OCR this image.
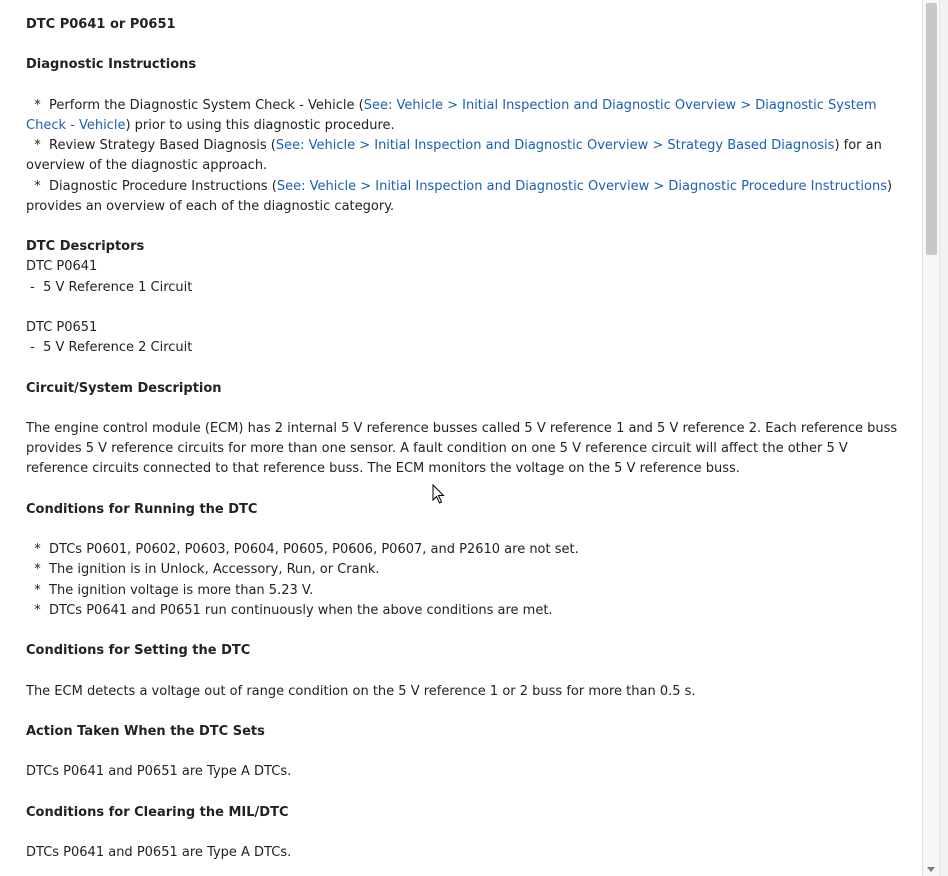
DTC P0641 or P0651
Diagnostic Instructions
* Perform the Diagnostic System Check - Vehicle (See: Vehicle > Initial Inspection and Diagnostic Overview > Diagnostic System Check - Vehicle) prior to using this diagnostic procedure.
* Review Strategy Based Diagnosis (See: Vehicle > Initial Inspection and Diagnostic Overview > Strategy Based Diagnosis) for an overview of the diagnostic approach.
* Diagnostic Procedure Instructions (See: Vehicle > Initial Inspection and Diagnostic Overview > Diagnostic Procedure Instructions) provides an overview of each of the diagnostic category.
DTC Descriptors
DTC P0641
-  5 V Reference 1 Circuit
DTC P0651
-  5 V Reference 2 Circuit
Circuit/System Description
The engine control module (ECM) has 2 internal 5 V reference busses called 5 V reference 1 and 5 V reference 2. Each reference buss provides 5 V reference circuits for more than one sensor. A fault condition on one 5 V reference circuit will affect the other 5 V reference circuits connected to that reference buss. The ECM monitors the voltage on the 5 V reference buss.
Conditions for Running the DTC
* DTCs P0601, P0602, P0603, P0604, P0605, P0606, P0607, and P2610 are not set.
* The ignition is in Unlock, Accessory, Run, or Crank.
* The ignition voltage is more than 5.23 V.
* DTCs P0641 and P0651 run continuously when the above conditions are met.
Conditions for Setting the DTC
The ECM detects a voltage out of range condition on the 5 V reference 1 or 2 buss for more than 0.5 s.
Action Taken When the DTC Sets
DTCs P0641 and P0651 are Type A DTCs.
Conditions for Clearing the MIL/DTC
DTCs P0641 and P0651 are Type A DTCs.
